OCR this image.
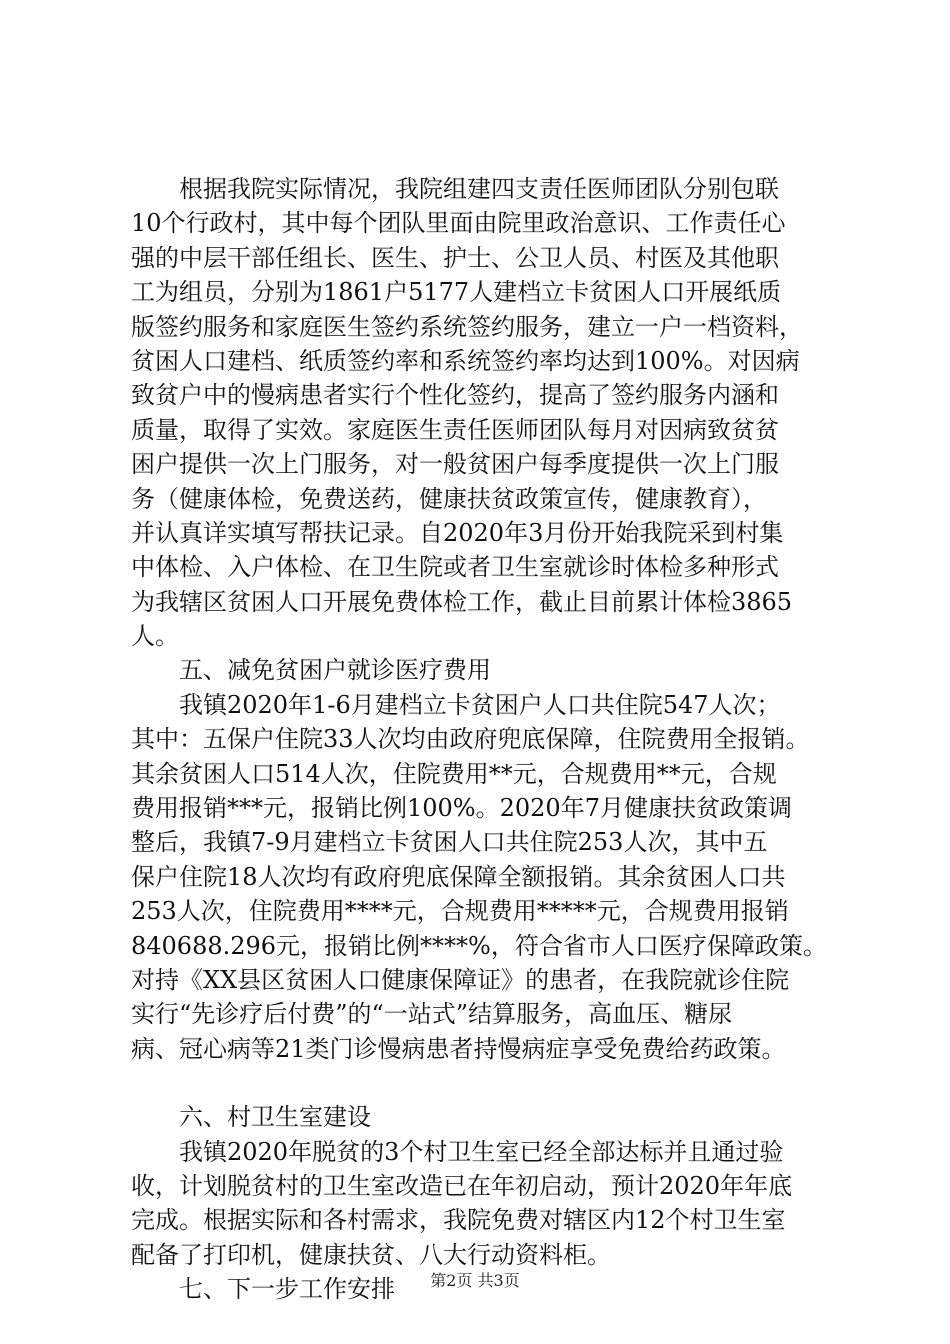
根据我院实际情况，我院组建四支责任医师团队分别包联
10个行政村，其中每个团队里面由院里政治意识、工作责任心
强的中层干部任组长、医生、护士、公卫人员、村医及其他职
工为组员，分别为1861户5177人建档立卡贫困人口开展纸质
版签约服务和家庭医生签约系统签约服务，建立一户一档资料，
贫困人口建档、纸质签约率和系统签约率均达到100%。对因病
致贫户中的慢病患者实行个性化签约，提高了签约服务内涵和
质量，取得了实效。家庭医生责任医师团队每月对因病致贫贫
困户提供一次上门服务，对一般贫困户每季度提供一次上门服
务（健康体检，免费送药，健康扶贫政策宣传，健康教育），
并认真详实填写帮扶记录。自2020年3月份开始我院采到村集
中体检、入户体检、在卫生院或者卫生室就诊时体检多种形式
为我辖区贫困人口开展免费体检工作，截止目前累计体检3865
人。
五、减免贫困户就诊医疗费用
我镇2020年1-6月建档立卡贫困户人口共住院547人次；
其中：五保户住院33人次均由政府兜底保障，住院费用全报销。
其余贫困人口514人次，住院费用**元，合规费用**元，合规
费用报销***元，报销比例100%。2020年7月健康扶贫政策调
整后，我镇7-9月建档立卡贫困人口共住院253人次，其中五
保户住院18人次均有政府兜底保障全额报销。其余贫困人口共
253人次，住院费用****元，合规费用*****元，合规费用报销
840688.296元，报销比例****%，符合省市人口医疗保障政策。
对持《XX县区贫困人口健康保障证》的患者，在我院就诊住院
实行“先诊疗后付费”的“一站式”结算服务，高血压、糖尿
病、冠心病等21类门诊慢病患者持慢病症享受免费给药政策。
六、村卫生室建设
我镇2020年脱贫的3个村卫生室已经全部达标并且通过验
收，计划脱贫村的卫生室改造已在年初启动，预计2020年年底
完成。根据实际和各村需求，我院免费对辖区内12个村卫生室
配备了打印机，健康扶贫、八大行动资料柜。
七、下一步工作安排	第2页 共3页
